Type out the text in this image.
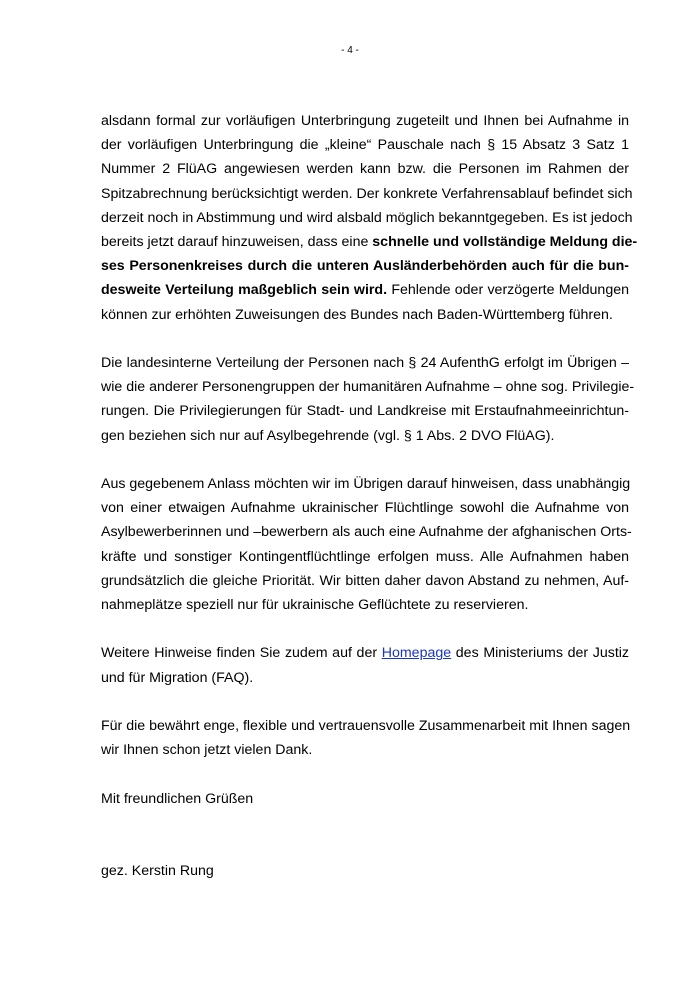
- 4 -

alsdann formal zur vorläufigen Unterbringung zugeteilt und Ihnen bei Aufnahme in
der vorläufigen Unterbringung die „kleine“ Pauschale nach § 15 Absatz 3 Satz 1
Nummer 2 FlüAG angewiesen werden kann bzw. die Personen im Rahmen der
Spitzabrechnung berücksichtigt werden. Der konkrete Verfahrensablauf befindet sich
derzeit noch in Abstimmung und wird alsbald möglich bekanntgegeben. Es ist jedoch
bereits jetzt darauf hinzuweisen, dass eine schnelle und vollständige Meldung die-
ses Personenkreises durch die unteren Ausländerbehörden auch für die bun-
desweite Verteilung maßgeblich sein wird. Fehlende oder verzögerte Meldungen
können zur erhöhten Zuweisungen des Bundes nach Baden-Württemberg führen.

Die landesinterne Verteilung der Personen nach § 24 AufenthG erfolgt im Übrigen –
wie die anderer Personengruppen der humanitären Aufnahme – ohne sog. Privilegie-
rungen. Die Privilegierungen für Stadt- und Landkreise mit Erstaufnahmeeinrichtun-
gen beziehen sich nur auf Asylbegehrende (vgl. § 1 Abs. 2 DVO FlüAG).

Aus gegebenem Anlass möchten wir im Übrigen darauf hinweisen, dass unabhängig
von einer etwaigen Aufnahme ukrainischer Flüchtlinge sowohl die Aufnahme von
Asylbewerberinnen und –bewerbern als auch eine Aufnahme der afghanischen Orts-
kräfte und sonstiger Kontingentflüchtlinge erfolgen muss. Alle Aufnahmen haben
grundsätzlich die gleiche Priorität. Wir bitten daher davon Abstand zu nehmen, Auf-
nahmeplätze speziell nur für ukrainische Geflüchtete zu reservieren.

Weitere Hinweise finden Sie zudem auf der Homepage des Ministeriums der Justiz
und für Migration (FAQ).

Für die bewährt enge, flexible und vertrauensvolle Zusammenarbeit mit Ihnen sagen
wir Ihnen schon jetzt vielen Dank.

Mit freundlichen Grüßen

gez. Kerstin Rung
